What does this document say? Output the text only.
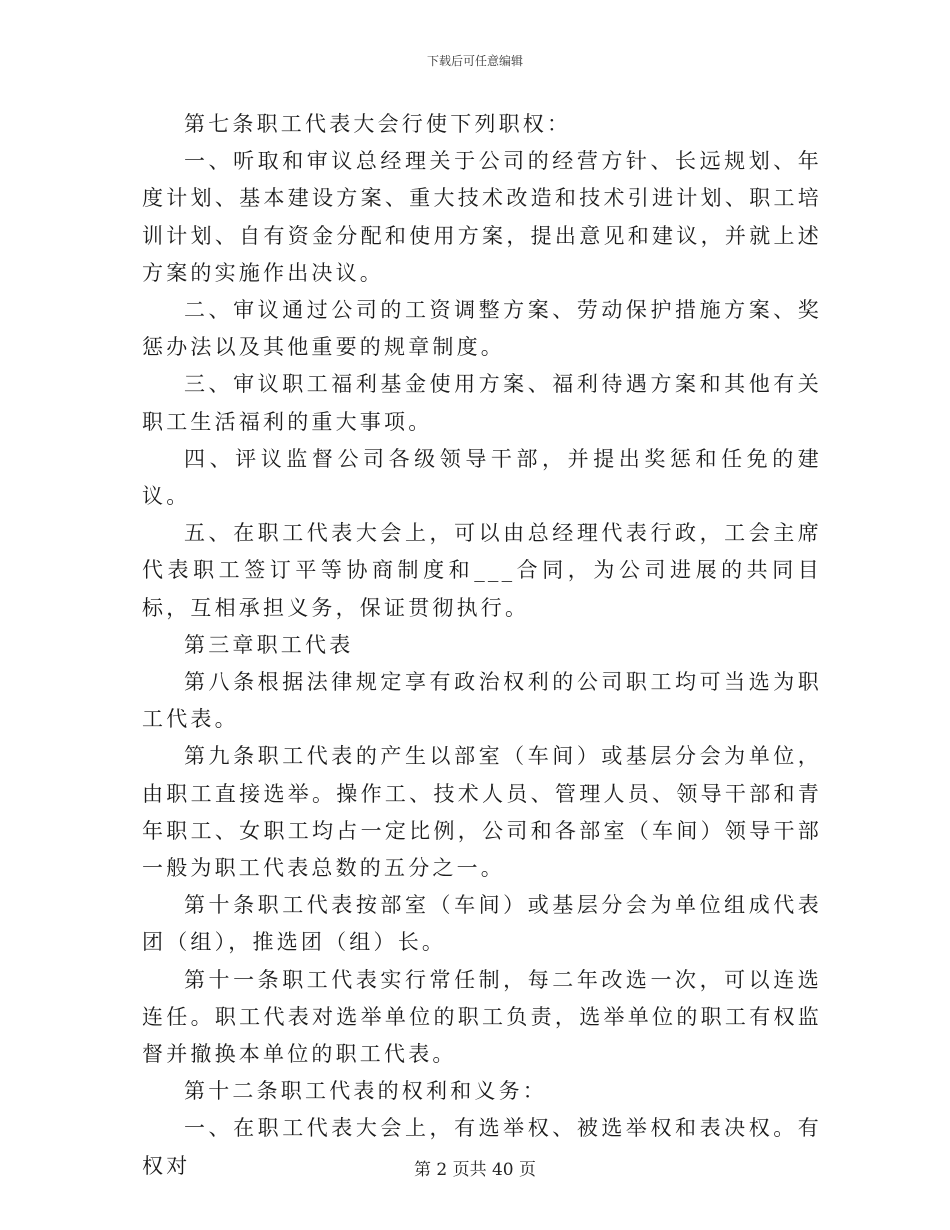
下载后可任意编辑

第七条职工代表大会行使下列职权：

一、听取和审议总经理关于公司的经营方针、长远规划、年度计划、基本建设方案、重大技术改造和技术引进计划、职工培训计划、自有资金分配和使用方案，提出意见和建议，并就上述方案的实施作出决议。

二、审议通过公司的工资调整方案、劳动保护措施方案、奖惩办法以及其他重要的规章制度。

三、审议职工福利基金使用方案、福利待遇方案和其他有关职工生活福利的重大事项。

四、评议监督公司各级领导干部，并提出奖惩和任免的建议。

五、在职工代表大会上，可以由总经理代表行政，工会主席代表职工签订平等协商制度和___合同，为公司进展的共同目标，互相承担义务，保证贯彻执行。

第三章职工代表

第八条根据法律规定享有政治权利的公司职工均可当选为职工代表。

第九条职工代表的产生以部室（车间）或基层分会为单位，由职工直接选举。操作工、技术人员、管理人员、领导干部和青年职工、女职工均占一定比例，公司和各部室（车间）领导干部一般为职工代表总数的五分之一。

第十条职工代表按部室（车间）或基层分会为单位组成代表团（组），推选团（组）长。

第十一条职工代表实行常任制，每二年改选一次，可以连选连任。职工代表对选举单位的职工负责，选举单位的职工有权监督并撤换本单位的职工代表。

第十二条职工代表的权利和义务：

一、在职工代表大会上，有选举权、被选举权和表决权。有权对	第 2 页共 40 页
